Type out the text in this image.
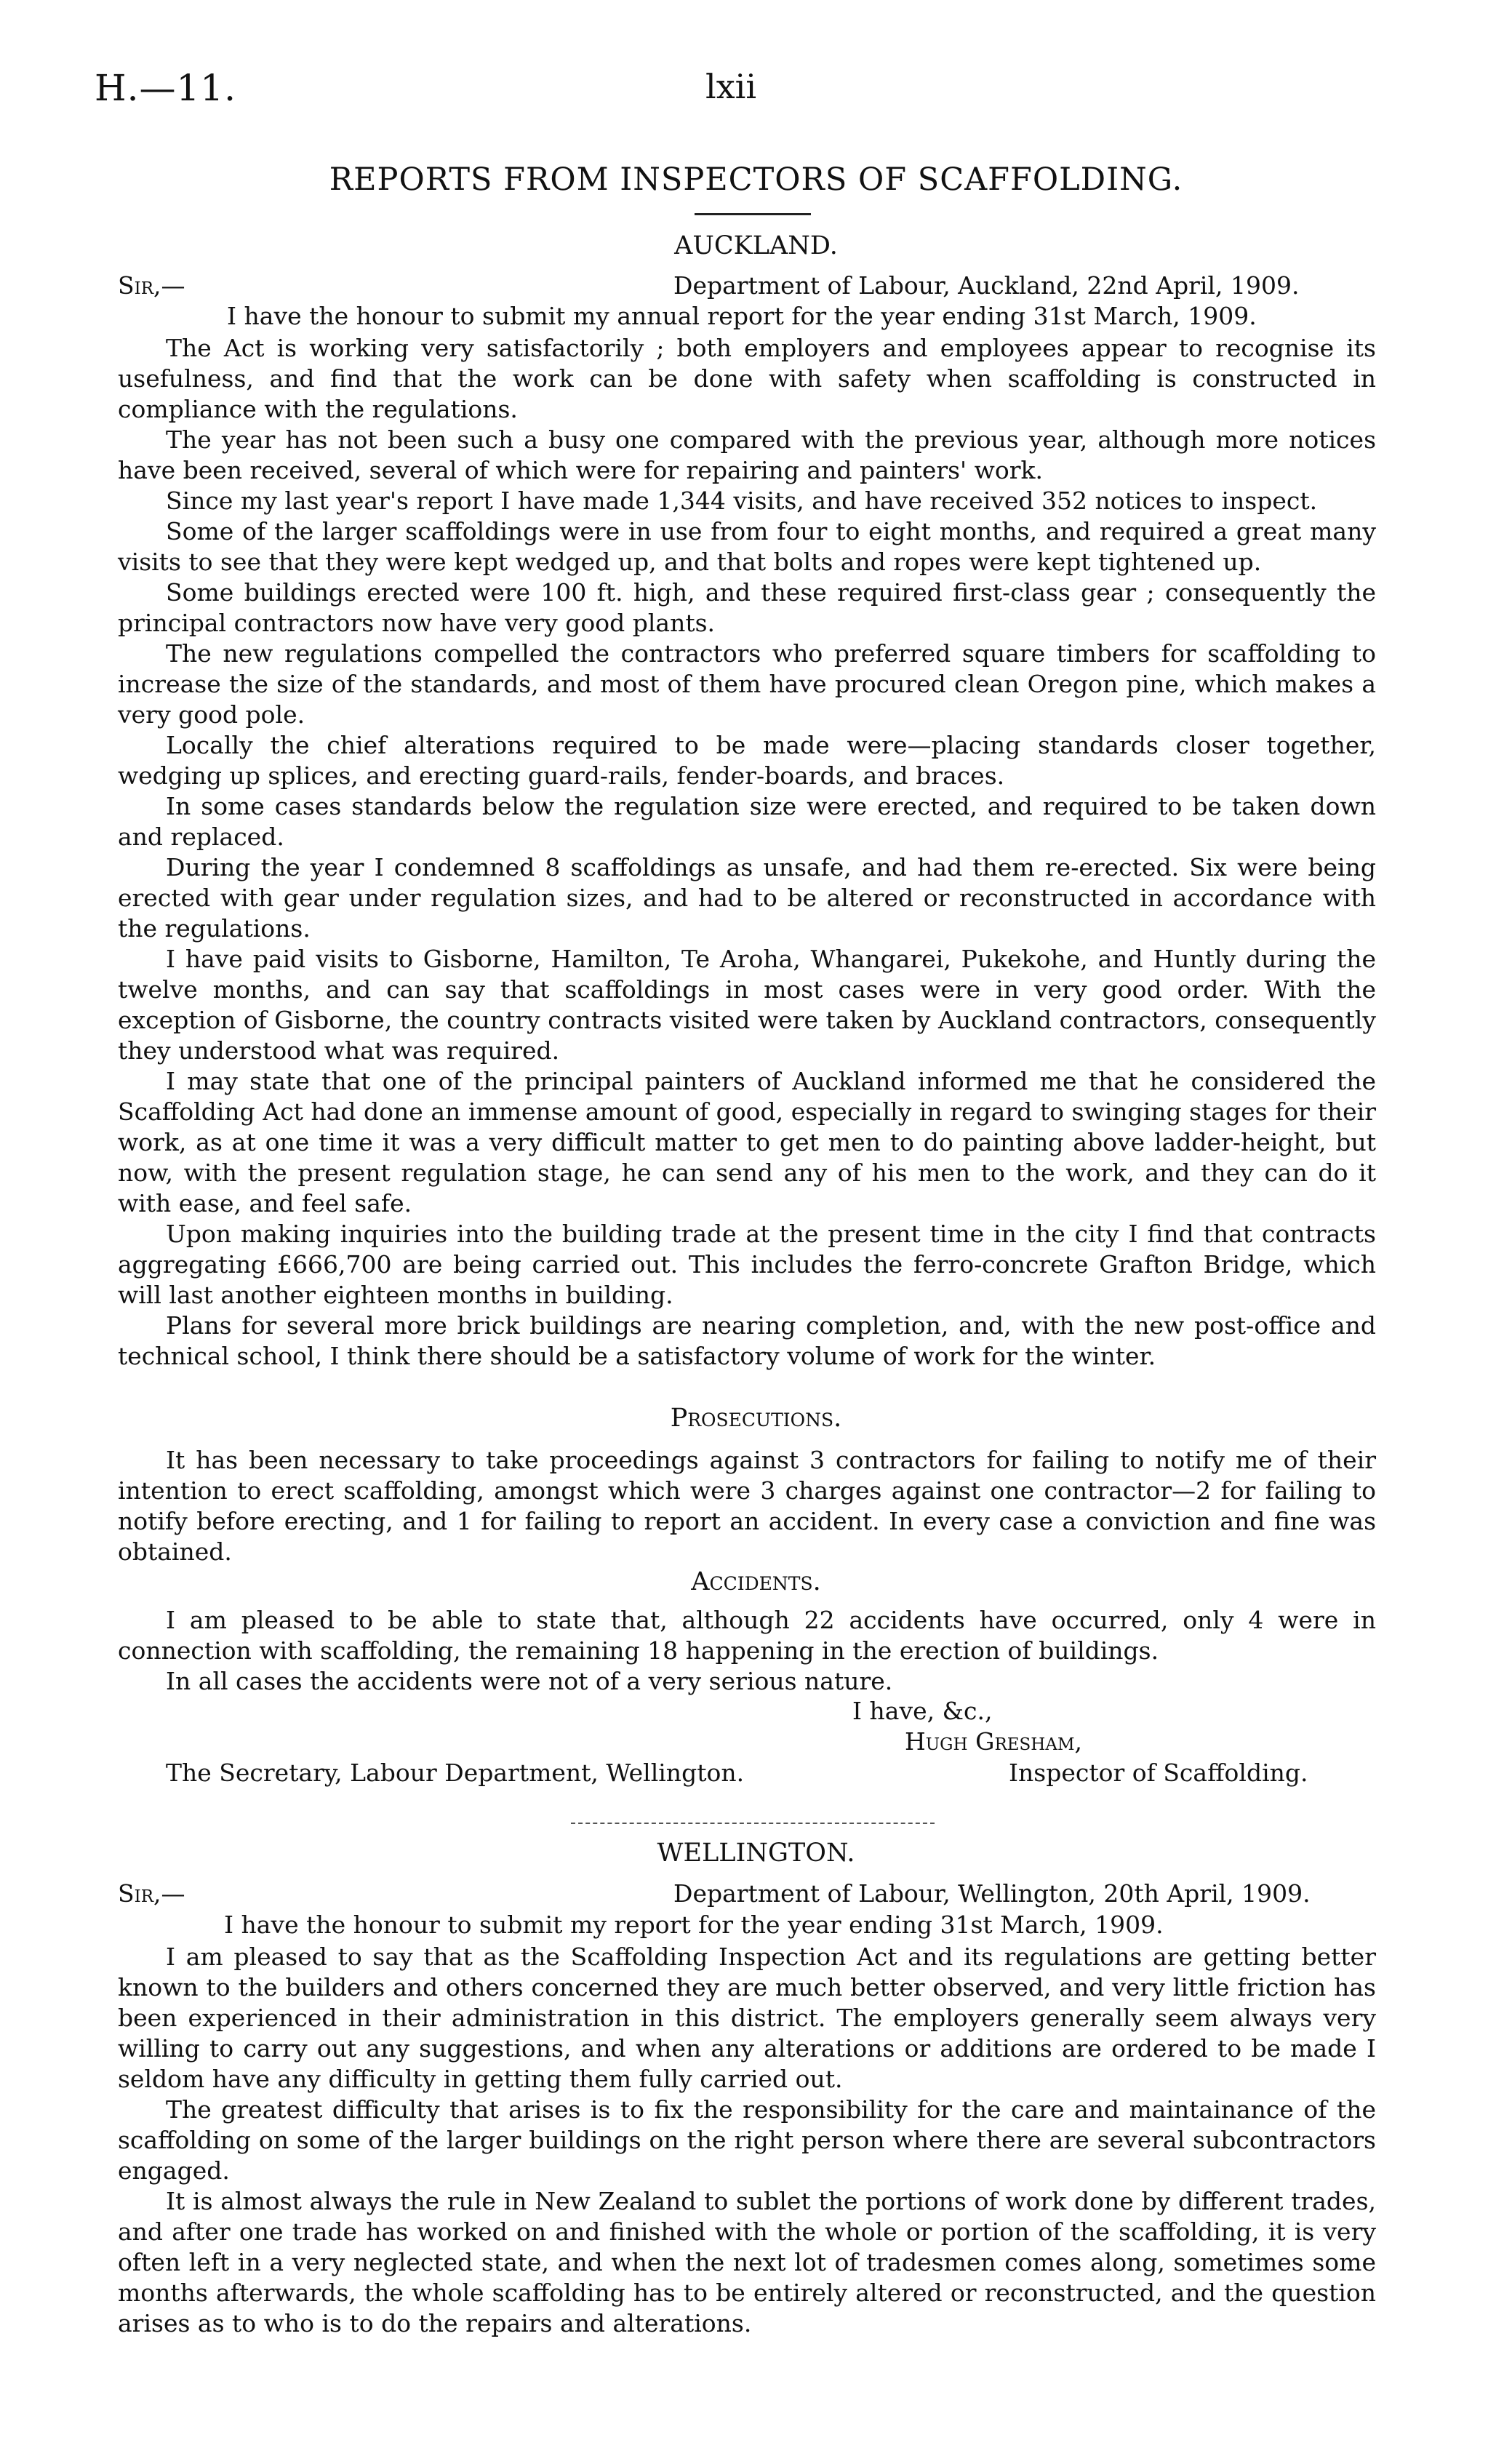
H.—11.	lxii
REPORTS FROM INSPECTORS OF SCAFFOLDING.
AUCKLAND.
Sir,—	Department of Labour, Auckland, 22nd April, 1909.
I have the honour to submit my annual report for the year ending 31st March, 1909.

The Act is working very satisfactorily ; both employers and employees appear to recognise its usefulness, and find that the work can be done with safety when scaffolding is constructed in compliance with the regulations.

The year has not been such a busy one compared with the previous year, although more notices have been received, several of which were for repairing and painters' work.

Since my last year's report I have made 1,344 visits, and have received 352 notices to inspect.

Some of the larger scaffoldings were in use from four to eight months, and required a great many visits to see that they were kept wedged up, and that bolts and ropes were kept tightened up.

Some buildings erected were 100 ft. high, and these required first-class gear ; consequently the principal contractors now have very good plants.

The new regulations compelled the contractors who preferred square timbers for scaffolding to increase the size of the standards, and most of them have procured clean Oregon pine, which makes a very good pole.

Locally the chief alterations required to be made were—placing standards closer together, wedging up splices, and erecting guard-rails, fender-boards, and braces.

In some cases standards below the regulation size were erected, and required to be taken down and replaced.

During the year I condemned 8 scaffoldings as unsafe, and had them re-erected. Six were being erected with gear under regulation sizes, and had to be altered or reconstructed in accordance with the regulations.

I have paid visits to Gisborne, Hamilton, Te Aroha, Whangarei, Pukekohe, and Huntly during the twelve months, and can say that scaffoldings in most cases were in very good order. With the exception of Gisborne, the country contracts visited were taken by Auckland contractors, consequently they understood what was required.

I may state that one of the principal painters of Auckland informed me that he considered the Scaffolding Act had done an immense amount of good, especially in regard to swinging stages for their work, as at one time it was a very difficult matter to get men to do painting above ladder-height, but now, with the present regulation stage, he can send any of his men to the work, and they can do it with ease, and feel safe.

Upon making inquiries into the building trade at the present time in the city I find that contracts aggregating £666,700 are being carried out. This includes the ferro-concrete Grafton Bridge, which will last another eighteen months in building.

Plans for several more brick buildings are nearing completion, and, with the new post-office and technical school, I think there should be a satisfactory volume of work for the winter.

Prosecutions.

It has been necessary to take proceedings against 3 contractors for failing to notify me of their intention to erect scaffolding, amongst which were 3 charges against one contractor—2 for failing to notify before erecting, and 1 for failing to report an accident. In every case a conviction and fine was obtained.

Accidents.

I am pleased to be able to state that, although 22 accidents have occurred, only 4 were in connection with scaffolding, the remaining 18 happening in the erection of buildings.

In all cases the accidents were not of a very serious nature.

I have, &c.,
Hugh Gresham,
The Secretary, Labour Department, Wellington.	Inspector of Scaffolding.
WELLINGTON.
Sir,—	Department of Labour, Wellington, 20th April, 1909.
I have the honour to submit my report for the year ending 31st March, 1909.

I am pleased to say that as the Scaffolding Inspection Act and its regulations are getting better known to the builders and others concerned they are much better observed, and very little friction has been experienced in their administration in this district. The employers generally seem always very willing to carry out any suggestions, and when any alterations or additions are ordered to be made I seldom have any difficulty in getting them fully carried out.

The greatest difficulty that arises is to fix the responsibility for the care and maintainance of the scaffolding on some of the larger buildings on the right person where there are several subcontractors engaged.

It is almost always the rule in New Zealand to sublet the portions of work done by different trades, and after one trade has worked on and finished with the whole or portion of the scaffolding, it is very often left in a very neglected state, and when the next lot of tradesmen comes along, sometimes some months afterwards, the whole scaffolding has to be entirely altered or reconstructed, and the question arises as to who is to do the repairs and alterations.
